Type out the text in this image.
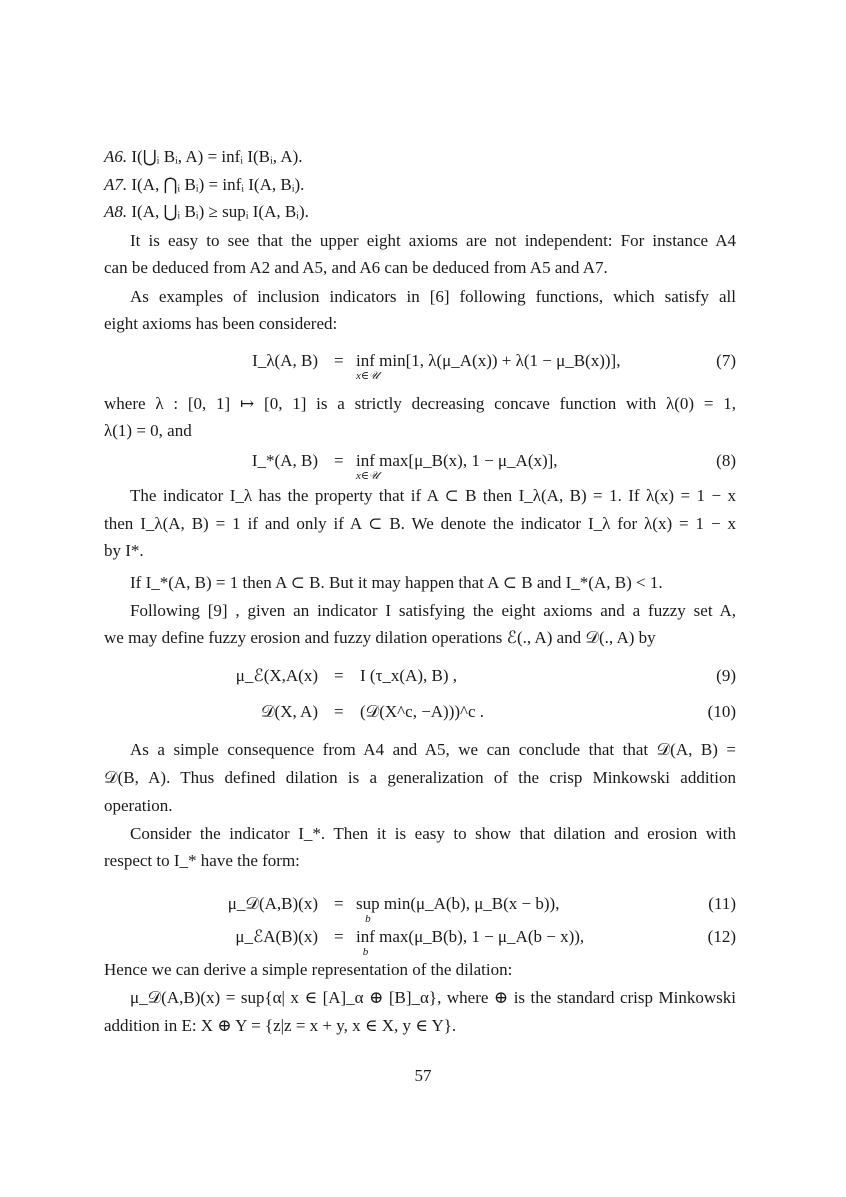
A6. I(⋃ᵢ Bᵢ, A) = infᵢ I(Bᵢ, A).
A7. I(A, ⋂ᵢ Bᵢ) = infᵢ I(A, Bᵢ).
A8. I(A, ⋃ᵢ Bᵢ) ≥ supᵢ I(A, Bᵢ).
It is easy to see that the upper eight axioms are not independent: For instance A4
can be deduced from A2 and A5, and A6 can be deduced from A5 and A7.
As examples of inclusion indicators in [6] following functions, which satisfy all
eight axioms has been considered:
I_λ(A, B) = inf
x∈𝒰
min[1, λ(μ_A(x)) + λ(1 − μ_B(x))],	(7)
where λ : [0, 1] ↦ [0, 1] is a strictly decreasing concave function with λ(0) = 1,
λ(1) = 0, and
I_*(A, B) = inf
x∈𝒰
max[μ_B(x), 1 − μ_A(x)],	(8)
The indicator I_λ has the property that if A ⊂ B then I_λ(A, B) = 1. If λ(x) = 1 − x
then I_λ(A, B) = 1 if and only if A ⊂ B. We denote the indicator I_λ for λ(x) = 1 − x
by I*.
If I_*(A, B) = 1 then A ⊂ B. But it may happen that A ⊂ B and I_*(A, B) < 1.
Following [9] , given an indicator I satisfying the eight axioms and a fuzzy set A,
we may define fuzzy erosion and fuzzy dilation operations ℰ(., A) and 𝒟(., A) by
μ_ℰ(X,A(x) = I (τ_x(A), B) ,	(9)
𝒟(X, A) = (𝒟(X^c, −A)))^c .	(10)
As a simple consequence from A4 and A5, we can conclude that that 𝒟(A, B) =
𝒟(B, A). Thus defined dilation is a generalization of the crisp Minkowski addition
operation.
Consider the indicator I_*. Then it is easy to show that dilation and erosion with
respect to I_* have the form:
μ_𝒟(A,B)(x) = sup
b
min(μ_A(b), μ_B(x − b)),	(11)
μ_ℰA(B)(x) = inf
b
max(μ_B(b), 1 − μ_A(b − x)),	(12)
Hence we can derive a simple representation of the dilation:
μ_𝒟(A,B)(x) = sup{α| x ∈ [A]_α ⊕ [B]_α}, where ⊕ is the standard crisp Minkowski
addition in E: X ⊕ Y = {z|z = x + y, x ∈ X, y ∈ Y}.
57
